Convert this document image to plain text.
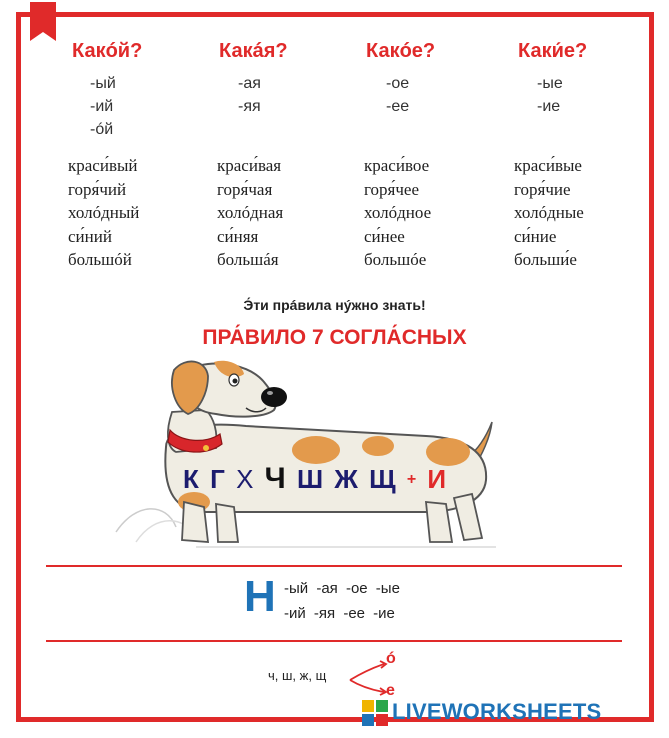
Какóй?
-ый
-ий
-óй
краси́вый
горя́чий
холóдный
си́ний
большóй
Какáя?
-ая
-яя
краси́вая
горя́чая
холóдная
си́няя
большáя
Какóе?
-ое
-ее
краси́вое
горя́чее
холóдное
си́нее
большóе
Каки́е?
-ые
-ие
краси́вые
горя́чие
холóдные
си́ние
больши́е
Э́ти прáвила нýжно знать!
ПРА́ВИЛО 7 СОГЛА́СНЫХ
К Г Х Ч Ш Ж Щ + И
Н -ый -ая -ое -ые
-ий -яя -ее -ие
ч, ш, ж, щ
ó
е
LIVEWORKSHEETS
